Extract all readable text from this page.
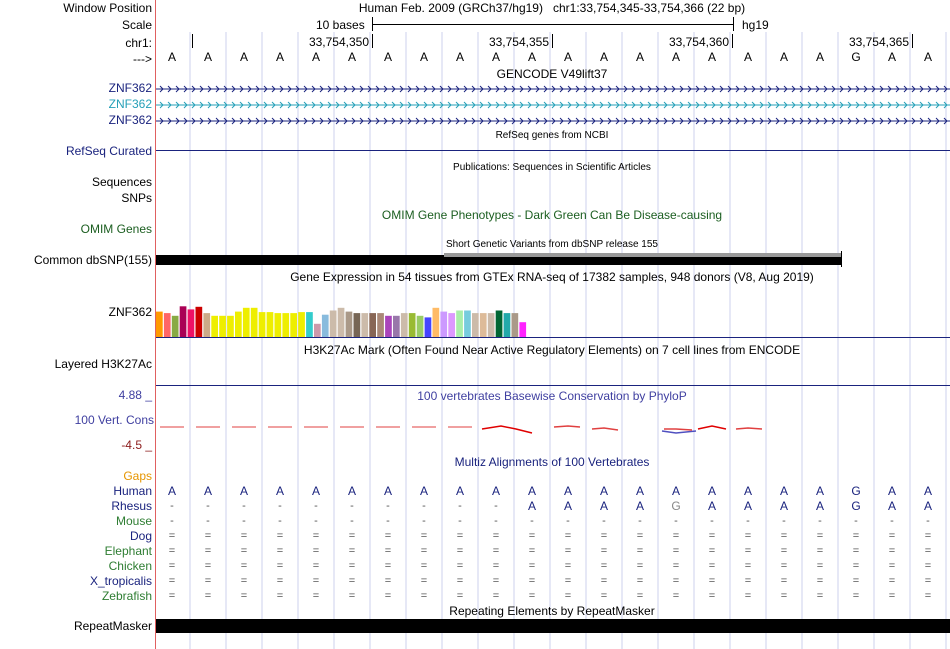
Window Position
Scale
chr1:
--->
Human Feb. 2009 (GRCh37/hg19) chr1:33,754,345-33,754,366 (22 bp)
10 bases	hg19
33,754,350	33,754,355	33,754,360	33,754,365
A A A A A A A A A A A A A A A A A A A G A A
GENCODE V49lift37
ZNF362
ZNF362
ZNF362
RefSeq genes from NCBI
RefSeq Curated
Publications: Sequences in Scientific Articles
Sequences
SNPs
OMIM Gene Phenotypes - Dark Green Can Be Disease-causing
OMIM Genes
Short Genetic Variants from dbSNP release 155
Common dbSNP(155)
Gene Expression in 54 tissues from GTEx RNA-seq of 17382 samples, 948 donors (V8, Aug 2019)
ZNF362
H3K27Ac Mark (Often Found Near Active Regulatory Elements) on 7 cell lines from ENCODE
Layered H3K27Ac
100 vertebrates Basewise Conservation by PhyloP
4.88 _
100 Vert. Cons
-4.5 _
Gaps
Multiz Alignments of 100 Vertebrates
Human A A A A A A A A A A A A A A A A A A A G A A
Rhesus	-	-	-	-	-	-	-	-	-	-	A A A A G A A A A G A A
Mouse	-	-	-	-	-	-	-	-	-	-	-	-	-	-	-	-	-	-	-	-	-	-
Dog =	=	=	=	=	=	=	=	=	=	=	=	=	=	=	=	=	=	=	=	=	=
Elephant =	=	=	=	=	=	=	=	=	=	=	=	=	=	=	=	=	=	=	=	=	=
Chicken =	=	=	=	=	=	=	=	=	=	=	=	=	=	=	=	=	=	=	=	=	=
X_tropicalis =	=	=	=	=	=	=	=	=	=	=	=	=	=	=	=	=	=	=	=	=	=
Zebrafish =	=	=	=	=	=	=	=	=	=	=	=	=	=	=	=	=	=	=	=	=	=
Repeating Elements by RepeatMasker
RepeatMasker
